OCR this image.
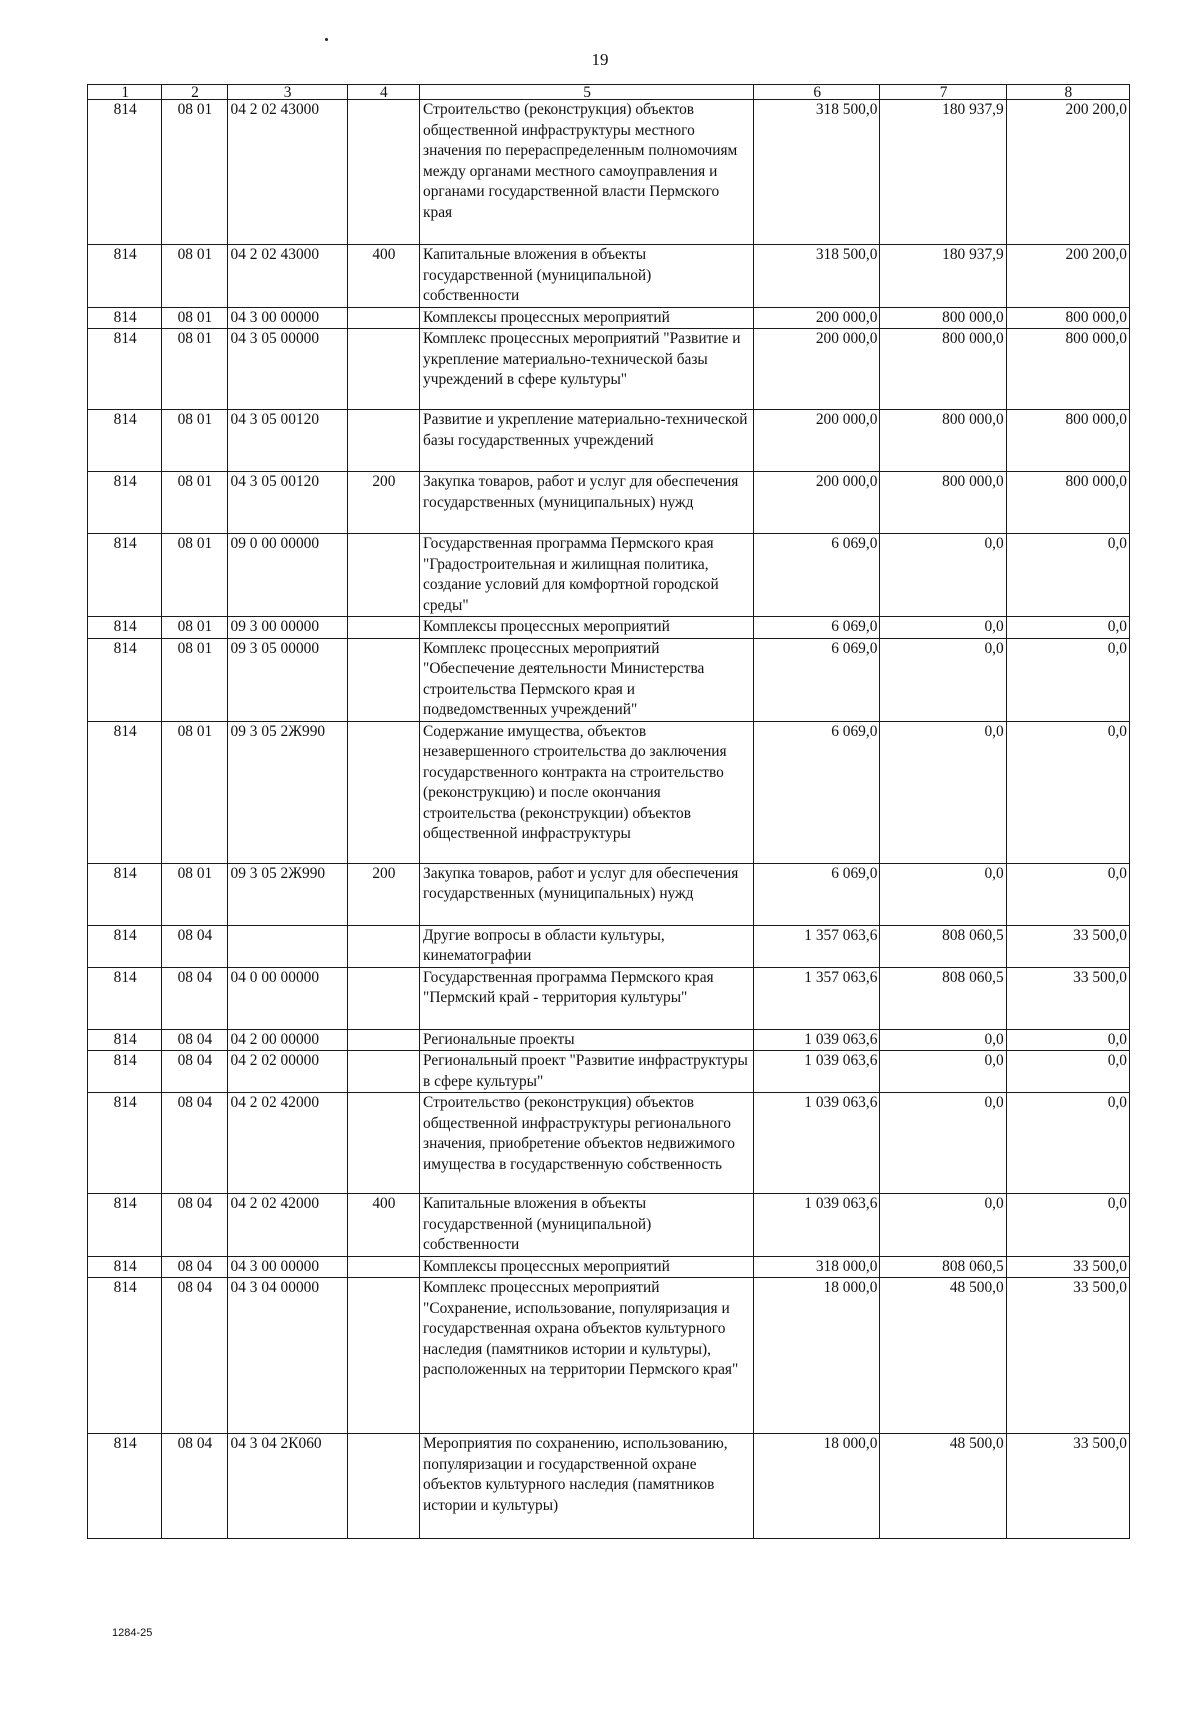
19
1	2	3	4	5	6	7	8
814	08 01	04 2 02 43000		Строительство (реконструкция) объектов общественной инфраструктуры местного значения по перераспределенным полномочиям между органами местного самоуправления и органами государственной власти Пермского края	318 500,0	180 937,9	200 200,0
814	08 01	04 2 02 43000	400	Капитальные вложения в объекты государственной (муниципальной) собственности	318 500,0	180 937,9	200 200,0
814	08 01	04 3 00 00000		Комплексы процессных мероприятий	200 000,0	800 000,0	800 000,0
814	08 01	04 3 05 00000		Комплекс процессных мероприятий "Развитие и укрепление материально-технической базы учреждений в сфере культуры"	200 000,0	800 000,0	800 000,0
814	08 01	04 3 05 00120		Развитие и укрепление материально-технической базы государственных учреждений	200 000,0	800 000,0	800 000,0
814	08 01	04 3 05 00120	200	Закупка товаров, работ и услуг для обеспечения государственных (муниципальных) нужд	200 000,0	800 000,0	800 000,0
814	08 01	09 0 00 00000		Государственная программа Пермского края "Градостроительная и жилищная политика, создание условий для комфортной городской среды"	6 069,0	0,0	0,0
814	08 01	09 3 00 00000		Комплексы процессных мероприятий	6 069,0	0,0	0,0
814	08 01	09 3 05 00000		Комплекс процессных мероприятий "Обеспечение деятельности Министерства строительства Пермского края и подведомственных учреждений"	6 069,0	0,0	0,0
814	08 01	09 3 05 2Ж990		Содержание имущества, объектов незавершенного строительства до заключения государственного контракта на строительство (реконструкцию) и после окончания строительства (реконструкции) объектов общественной инфраструктуры	6 069,0	0,0	0,0
814	08 01	09 3 05 2Ж990	200	Закупка товаров, работ и услуг для обеспечения государственных (муниципальных) нужд	6 069,0	0,0	0,0
814	08 04			Другие вопросы в области культуры, кинематографии	1 357 063,6	808 060,5	33 500,0
814	08 04	04 0 00 00000		Государственная программа Пермского края "Пермский край - территория культуры"	1 357 063,6	808 060,5	33 500,0
814	08 04	04 2 00 00000		Региональные проекты	1 039 063,6	0,0	0,0
814	08 04	04 2 02 00000		Региональный проект "Развитие инфраструктуры в сфере культуры"	1 039 063,6	0,0	0,0
814	08 04	04 2 02 42000		Строительство (реконструкция) объектов общественной инфраструктуры регионального значения, приобретение объектов недвижимого имущества в государственную собственность	1 039 063,6	0,0	0,0
814	08 04	04 2 02 42000	400	Капитальные вложения в объекты государственной (муниципальной) собственности	1 039 063,6	0,0	0,0
814	08 04	04 3 00 00000		Комплексы процессных мероприятий	318 000,0	808 060,5	33 500,0
814	08 04	04 3 04 00000		Комплекс процессных мероприятий "Сохранение, использование, популяризация и государственная охрана объектов культурного наследия (памятников истории и культуры), расположенных на территории Пермского края"	18 000,0	48 500,0	33 500,0
814	08 04	04 3 04 2К060		Мероприятия по сохранению, использованию, популяризации и государственной охране объектов культурного наследия (памятников истории и культуры)	18 000,0	48 500,0	33 500,0
1284-25
